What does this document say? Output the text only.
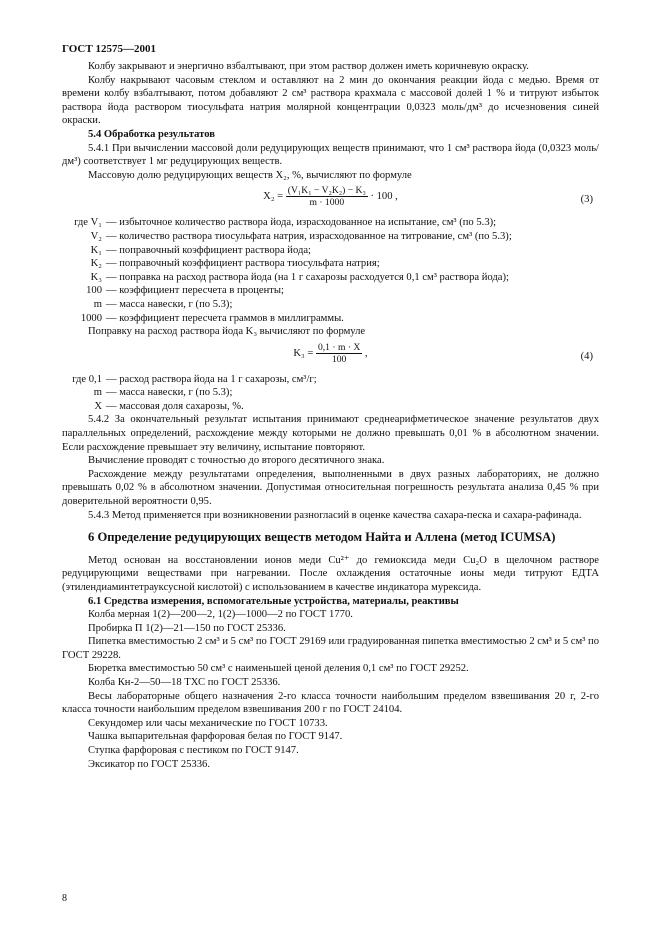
ГОСТ 12575—2001

Колбу закрывают и энергично взбалтывают, при этом раствор должен иметь коричневую окраску.

Колбу накрывают часовым стеклом и оставляют на 2 мин до окончания реакции йода с медью. Время от времени колбу взбалтывают, потом добавляют 2 см³ раствора крахмала с массовой долей 1 % и титруют избыток раствора йода раствором тиосульфата натрия молярной концентрации 0,0323 моль/дм³ до исчезновения синей окраски.

5.4 Обработка результатов

5.4.1 При вычислении массовой доли редуцирующих веществ принимают, что 1 см³ раствора йода (0,0323 моль/дм³) соответствует 1 мг редуцирующих веществ.

Массовую долю редуцирующих веществ X₂, %, вычисляют по формуле

$X_2 = \frac{\text{(V₁K₁ − V₂K₂) − K₃}}{m \cdot 1000} \cdot 100$ ,	(3)
где V₁ — избыточное количество раствора йода, израсходованное на испытание, см³ (по 5.3);
V₂ — количество раствора тиосульфата натрия, израсходованное на титрование, см³ (по 5.3);
K₁ — поправочный коэффициент раствора йода;
K₂ — поправочный коэффициент раствора тиосульфата натрия;
K₃ — поправка на расход раствора йода (на 1 г сахарозы расходуется 0,1 см³ раствора йода);
100 — коэффициент пересчета в проценты;
m — масса навески, г (по 5.3);
1000 — коэффициент пересчета граммов в миллиграммы.

Поправку на расход раствора йода K₃ вычисляют по формуле

$K_3 = \frac{0,1 \cdot m \cdot X}{100}$ ,	(4)
где 0,1 — расход раствора йода на 1 г сахарозы, см³/г;
m — масса навески, г (по 5.3);
X — массовая доля сахарозы, %.

5.4.2 За окончательный результат испытания принимают среднеарифметическое значение результатов двух параллельных определений, расхождение между которыми не должно превышать 0,01 % в абсолютном значении. Если расхождение превышает эту величину, испытание повторяют.

Вычисление проводят с точностью до второго десятичного знака.

Расхождение между результатами определения, выполненными в двух разных лабораториях, не должно превышать 0,02 % в абсолютном значении. Допустимая относительная погрешность результата анализа 0,45 % при доверительной вероятности 0,95.

5.4.3 Метод применяется при возникновении разногласий в оценке качества сахара-песка и сахара-рафинада.

6 Определение редуцирующих веществ методом Найта и Аллена (метод ICUMSA)

Метод основан на восстановлении ионов меди Cu²⁺ до гемиоксида меди Cu₂O в щелочном растворе редуцирующими веществами при нагревании. После охлаждения остаточные ионы меди титруют ЕДТА (этилендиаминтетрауксусной кислотой) с использованием в качестве индикатора мурексида.

6.1 Средства измерения, вспомогательные устройства, материалы, реактивы

Колба мерная 1(2)—200—2, 1(2)—1000—2 по ГОСТ 1770.

Пробирка П 1(2)—21—150 по ГОСТ 25336.

Пипетка вместимостью 2 см³ и 5 см³ по ГОСТ 29169 или градуированная пипетка вместимостью 2 см³ и 5 см³ по ГОСТ 29228.

Бюретка вместимостью 50 см³ с наименьшей ценой деления 0,1 см³ по ГОСТ 29252.

Колба Кн-2—50—18 ТХС по ГОСТ 25336.

Весы лабораторные общего назначения 2-го класса точности наибольшим пределом взвешивания 20 г, 2-го класса точности наибольшим пределом взвешивания 200 г по ГОСТ 24104.

Секундомер или часы механические по ГОСТ 10733.

Чашка выпарительная фарфоровая белая по ГОСТ 9147.

Ступка фарфоровая с пестиком по ГОСТ 9147.

Эксикатор по ГОСТ 25336.

8
